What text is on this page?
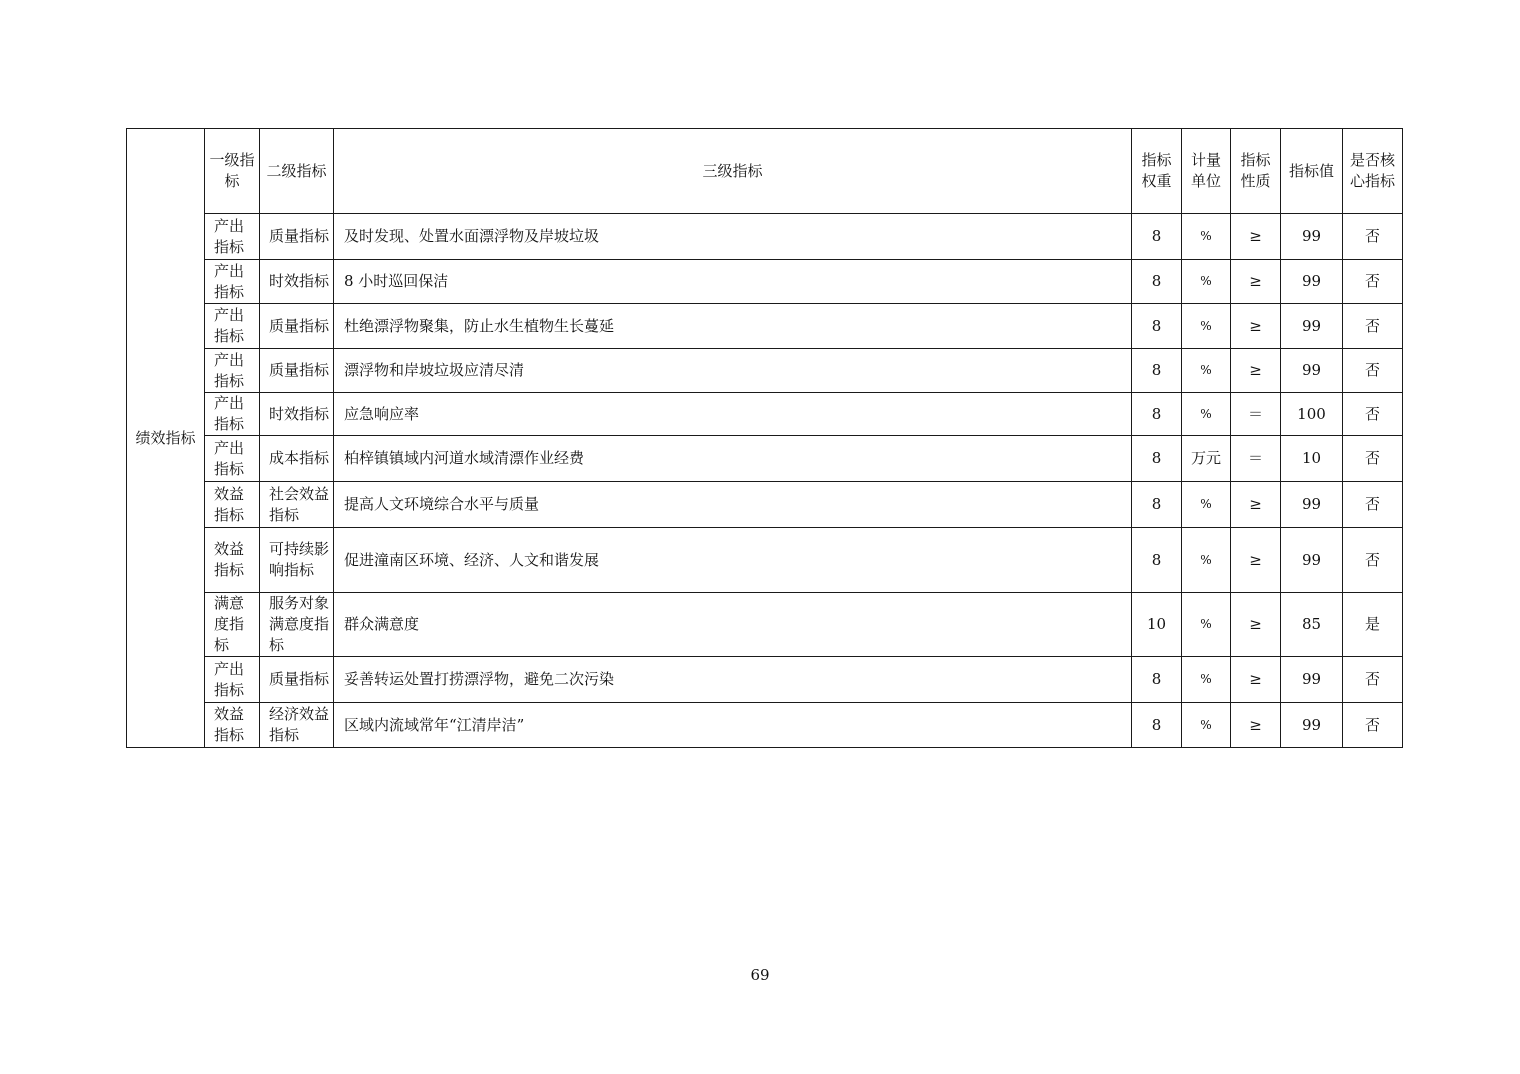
绩效指标	一级指标	二级指标	三级指标	指标权重	计量单位	指标性质	指标值	是否核心指标
	产出指标	质量指标	及时发现、处置水面漂浮物及岸坡垃圾	8	%	≥	99	否
	产出指标	时效指标	8 小时巡回保洁	8	%	≥	99	否
	产出指标	质量指标	杜绝漂浮物聚集，防止水生植物生长蔓延	8	%	≥	99	否
	产出指标	质量指标	漂浮物和岸坡垃圾应清尽清	8	%	≥	99	否
	产出指标	时效指标	应急响应率	8	%	＝	100	否
	产出指标	成本指标	柏梓镇镇域内河道水域清漂作业经费	8	万元	＝	10	否
	效益指标	社会效益指标	提高人文环境综合水平与质量	8	%	≥	99	否
	效益指标	可持续影响指标	促进潼南区环境、经济、人文和谐发展	8	%	≥	99	否
	满意度指标	服务对象满意度指标	群众满意度	10	%	≥	85	是
	产出指标	质量指标	妥善转运处置打捞漂浮物，避免二次污染	8	%	≥	99	否
	效益指标	经济效益指标	区域内流域常年“江清岸洁”	8	%	≥	99	否
69
